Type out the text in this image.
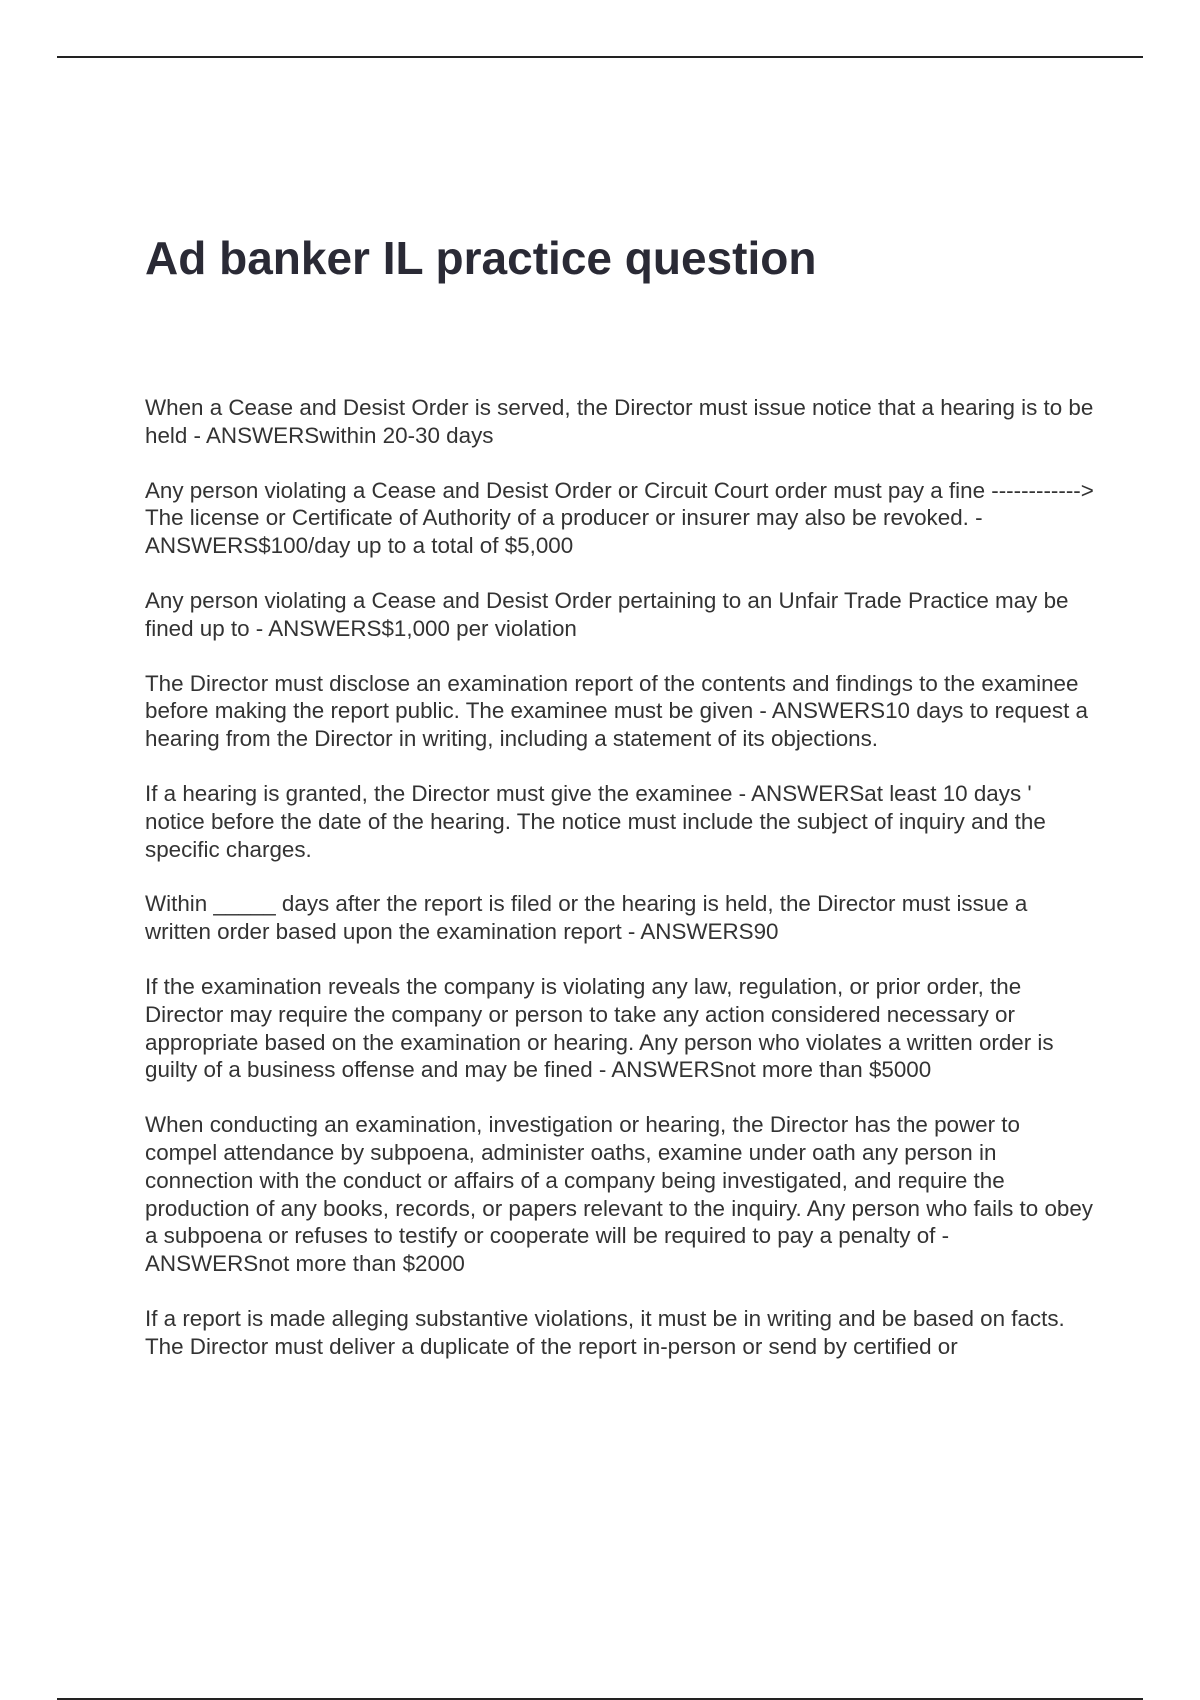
Ad banker IL practice question

When a Cease and Desist Order is served, the Director must issue notice that a hearing is to be held - ANSWERSwithin 20-30 days

Any person violating a Cease and Desist Order or Circuit Court order must pay a fine ------------> The license or Certificate of Authority of a producer or insurer may also be revoked. - ANSWERS$100/day up to a total of $5,000

Any person violating a Cease and Desist Order pertaining to an Unfair Trade Practice may be fined up to - ANSWERS$1,000 per violation

The Director must disclose an examination report of the contents and findings to the examinee before making the report public. The examinee must be given - ANSWERS10 days to request a hearing from the Director in writing, including a statement of its objections.

If a hearing is granted, the Director must give the examinee - ANSWERSat least 10 days ' notice before the date of the hearing. The notice must include the subject of inquiry and the specific charges.

Within _____ days after the report is filed or the hearing is held, the Director must issue a written order based upon the examination report - ANSWERS90

If the examination reveals the company is violating any law, regulation, or prior order, the Director may require the company or person to take any action considered necessary or appropriate based on the examination or hearing. Any person who violates a written order is guilty of a business offense and may be fined - ANSWERSnot more than $5000

When conducting an examination, investigation or hearing, the Director has the power to compel attendance by subpoena, administer oaths, examine under oath any person in connection with the conduct or affairs of a company being investigated, and require the production of any books, records, or papers relevant to the inquiry. Any person who fails to obey a subpoena or refuses to testify or cooperate will be required to pay a penalty of - ANSWERSnot more than $2000

If a report is made alleging substantive violations, it must be in writing and be based on facts. The Director must deliver a duplicate of the report in-person or send by certified or
